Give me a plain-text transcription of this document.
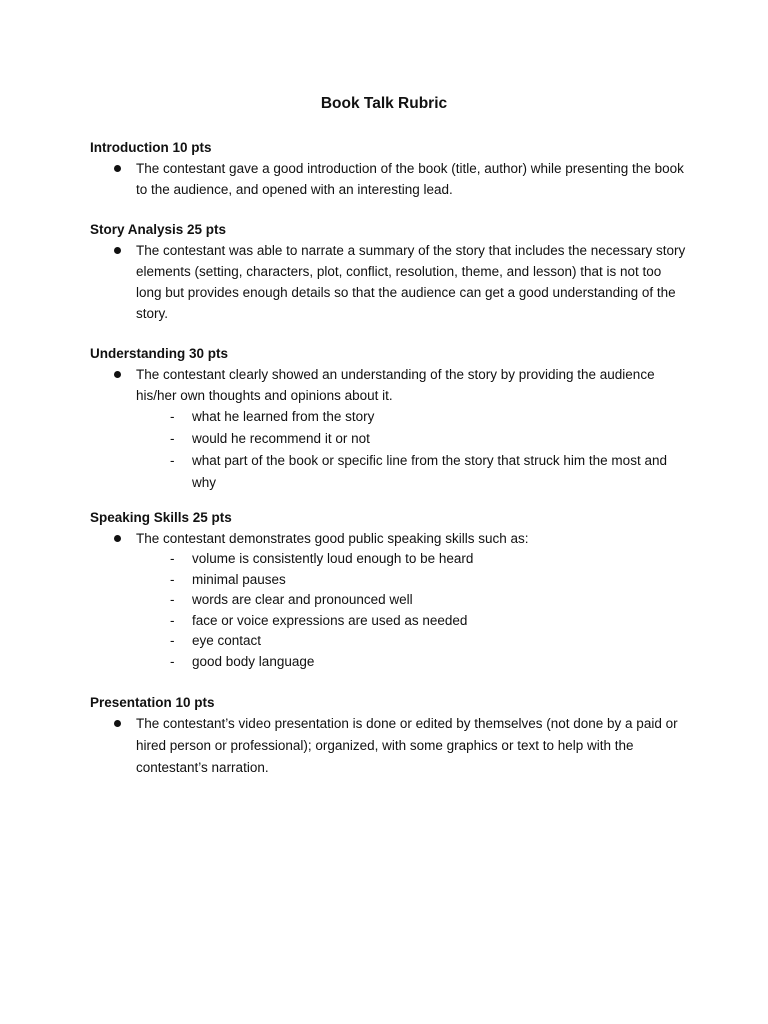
Book Talk Rubric

Introduction 10 pts

The contestant gave a good introduction of the book (title, author) while presenting the book to the audience, and opened with an interesting lead.

Story Analysis 25 pts

The contestant was able to narrate a summary of the story that includes the necessary story elements (setting, characters, plot, conflict, resolution, theme, and lesson) that is not too long but provides enough details so that the audience can get a good understanding of the story.

Understanding 30 pts

The contestant clearly showed an understanding of the story by providing the audience his/her own thoughts and opinions about it.

- what he learned from the story
- would he recommend it or not
- what part of the book or specific line from the story that struck him the most and why

Speaking Skills 25 pts

The contestant demonstrates good public speaking skills such as:

- volume is consistently loud enough to be heard
- minimal pauses
- words are clear and pronounced well
- face or voice expressions are used as needed
- eye contact
- good body language

Presentation 10 pts

The contestant’s video presentation is done or edited by themselves (not done by a paid or hired person or professional); organized, with some graphics or text to help with the contestant’s narration.
